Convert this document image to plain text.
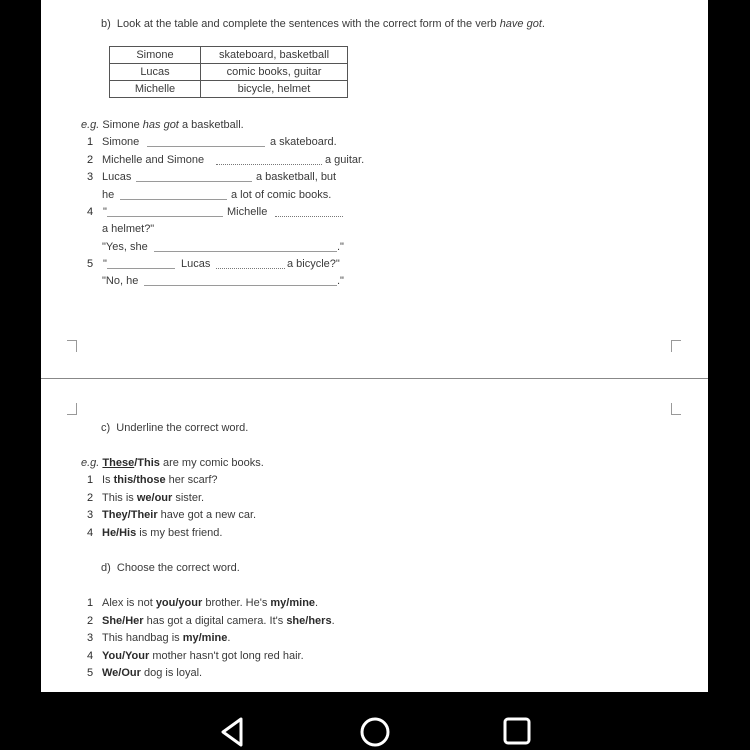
b) Look at the table and complete the sentences with the correct form of the verb have got.
Simone	skateboard, basketball
Lucas	comic books, guitar
Michelle	bicycle, helmet
e.g. Simone has got a basketball.
1 Simone	a skateboard.
2 Michelle and Simone	a guitar.
3 Lucas	a basketball, but
he	a lot of comic books.
4 "	Michelle
a helmet?"
"Yes, she	."
5 "	Lucas	a bicycle?"
"No, he	."
c) Underline the correct word.
e.g. These/This are my comic books.
1 Is this/those her scarf?
2 This is we/our sister.
3 They/Their have got a new car.
4 He/His is my best friend.
d) Choose the correct word.
1 Alex is not you/your brother. He's my/mine.
2 She/Her has got a digital camera. It's she/hers.
3 This handbag is my/mine.
4 You/Your mother hasn't got long red hair.
5 We/Our dog is loyal.
